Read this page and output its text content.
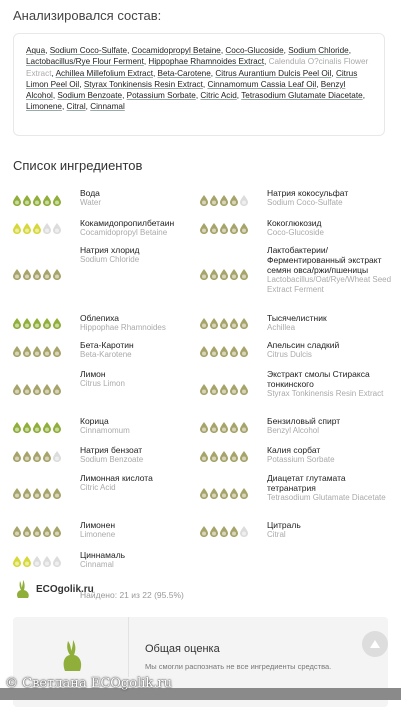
Анализировался состав:
Aqua, Sodium Coco-Sulfate, Cocamidopropyl Betaine, Coco-Glucoside, Sodium Chloride, Lactobacillus/Rye Flour Ferment, Hippophae Rhamnoides Extract, Calendula O?cinalis Flower Extract, Achillea Millefolium Extract, Beta-Carotene, Citrus Aurantium Dulcis Peel Oil, Citrus Limon Peel Oil, Styrax Tonkinensis Resin Extract, Cinnamomum Cassia Leaf Oil, Benzyl Alcohol, Sodium Benzoate, Potassium Sorbate, Citric Acid, Tetrasodium Glutamate Diacetate, Limonene, Citral, Cinnamal
Список ингредиентов
Вода
Water
Натрия кокосульфат
Sodium Coco-Sulfate
Кокамидопропилбетаин
Cocamidopropyl Betaine
Кокоглюкозид
Coco-Glucoside
Натрия хлорид
Sodium Chloride
Лактобактерии/ Ферментированный экстракт семян овса/ржи/пшеницы
Lactobacillus/Oat/Rye/Wheat Seed Extract Ferment
Облепиха
Hippophae Rhamnoides
Тысячелистник
Achillea
Бета-Каротин
Beta-Karotene
Апельсин сладкий
Citrus Dulcis
Лимон
Citrus Limon
Экстракт смолы Стиракса тонкинского
Styrax Tonkinensis Resin Extract
Корица
Cinnamomum
Бензиловый спирт
Benzyl Alcohol
Натрия бензоат
Sodium Benzoate
Калия сорбат
Potassium Sorbate
Лимонная кислота
Citric Acid
Диацетат глутамата тетранатрия
Tetrasodium Glutamate Diacetate
Лимонен
Limonene
Цитраль
Citral
Циннамаль
Cinnamal
ECOgolik.ru
Найдено: 21 из 22 (95.5%)
Общая оценка
Мы смогли распознать не все ингредиенты средства.
© Светлана ECOgolik.ru
